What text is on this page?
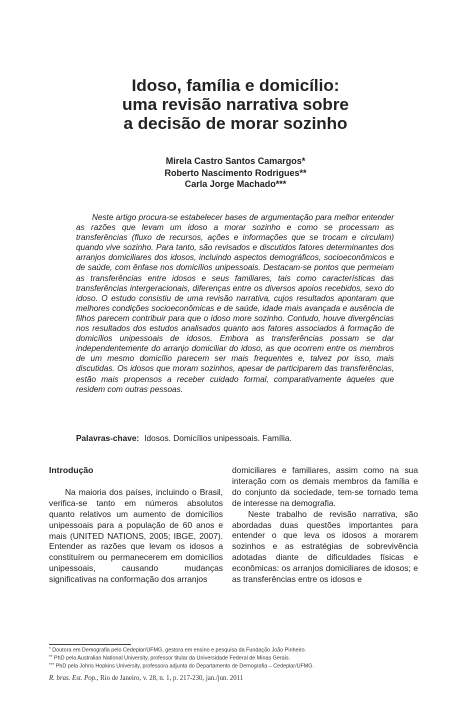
Idoso, família e domicílio:
uma revisão narrativa sobre
a decisão de morar sozinho
Mirela Castro Santos Camargos*
Roberto Nascimento Rodrigues**
Carla Jorge Machado***

Neste artigo procura-se estabelecer bases de argumentação para melhor entender as razões que levam um idoso a morar sozinho e como se processam as transferências (fluxo de recursos, ações e informações que se trocam e circulam) quando vive sozinho. Para tanto, são revisados e discutidos fatores determinantes dos arranjos domiciliares dos idosos, incluindo aspectos demográficos, socioeconômicos e de saúde, com ênfase nos domicílios unipessoais. Destacam-se pontos que permeiam as transferências entre idosos e seus familiares, tais como características das transferências intergeracionais, diferenças entre os diversos apoios recebidos, sexo do idoso. O estudo consistiu de uma revisão narrativa, cujos resultados apontaram que melhores condições socioeconômicas e de saúde, idade mais avançada e ausência de filhos parecem contribuir para que o idoso more sozinho. Contudo, houve divergências nos resultados dos estudos analisados quanto aos fatores associados à formação de domicílios unipessoais de idosos. Embora as transferências possam se dar independentemente do arranjo domiciliar do idoso, as que ocorrem entre os membros de um mesmo domicílio parecem ser mais frequentes e, talvez por isso, mais discutidas. Os idosos que moram sozinhos, apesar de participarem das transferências, estão mais propensos a receber cuidado formal, comparativamente àqueles que residem com outras pessoas.

Palavras-chave: Idosos. Domicílios unipessoais. Família.
Introdução

Na maioria dos países, incluindo o Brasil, verifica-se tanto em números absolutos quanto relativos um aumento de domicílios unipessoais para a população de 60 anos e mais (UNITED NATIONS, 2005; IBGE, 2007). Entender as razões que levam os idosos a constituírem ou permanecerem em domicílios unipessoais, causando mudanças significativas na conformação dos arranjos

domiciliares e familiares, assim como na sua interação com os demais membros da família e do conjunto da sociedade, tem-se tornado tema de interesse na demografia.

Neste trabalho de revisão narrativa, são abordadas duas questões importantes para entender o que leva os idosos a morarem sozinhos e as estratégias de sobrevivência adotadas diante de dificuldades físicas e econômicas: os arranjos domiciliares de idosos; e as transferências entre os idosos e

* Doutora em Demografia pelo Cedeplar/UFMG, gestora em ensino e pesquisa da Fundação João Pinheiro.
** PhD pela Australian National University, professor titular da Universidade Federal de Minas Gerais.
*** PhD pela Johns Hopkins University, professora adjunta do Departamento de Demografia – Cedeplar/UFMG.
R. bras. Est. Pop., Rio de Janeiro, v. 28, n. 1, p. 217-230, jan./jun. 2011
